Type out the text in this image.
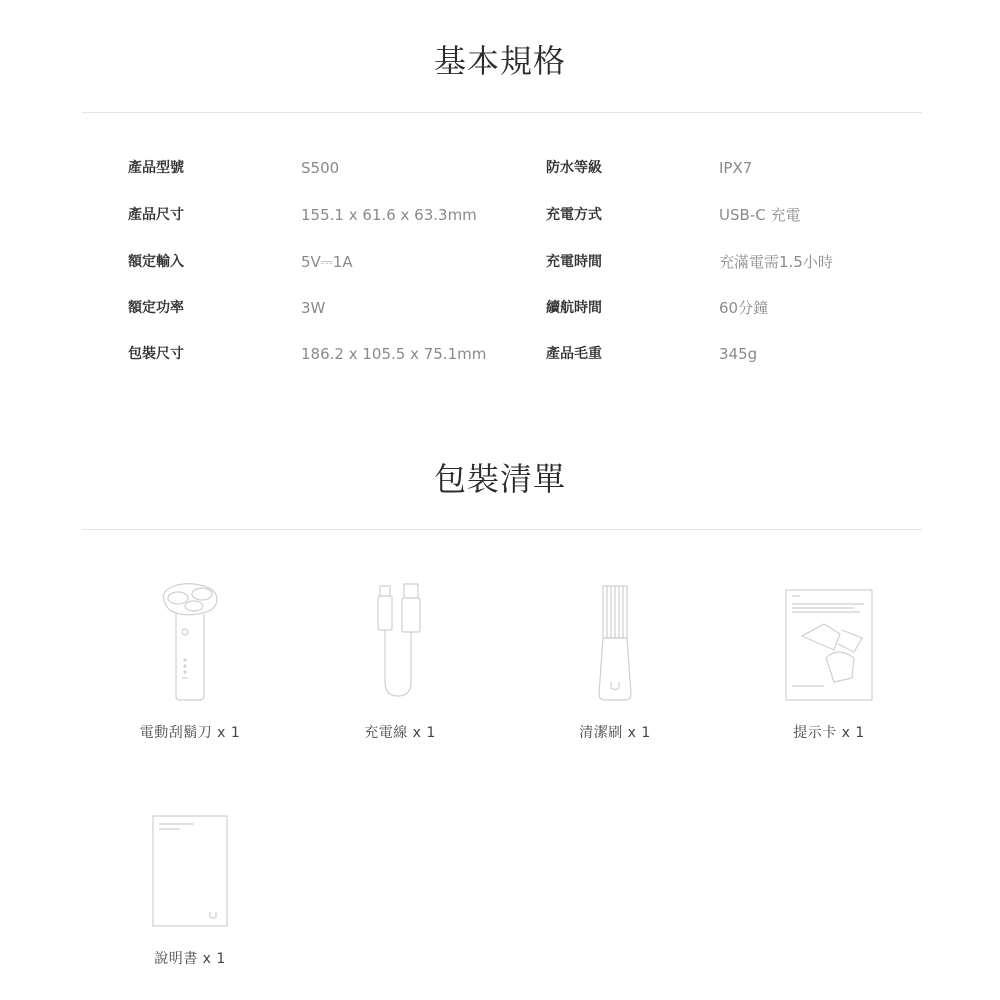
基本規格
產品型號	S500	防水等級	IPX7
產品尺寸	155.1 x 61.6 x 63.3mm	充電方式	USB-C 充電
額定輸入	5V⎓1A	充電時間	充滿電需1.5小時
額定功率	3W	續航時間	60分鐘
包裝尺寸	186.2 x 105.5 x 75.1mm	產品毛重	345g
包裝清單
電動刮鬍刀 x 1	充電線 x 1	清潔刷 x 1	提示卡 x 1
說明書 x 1
